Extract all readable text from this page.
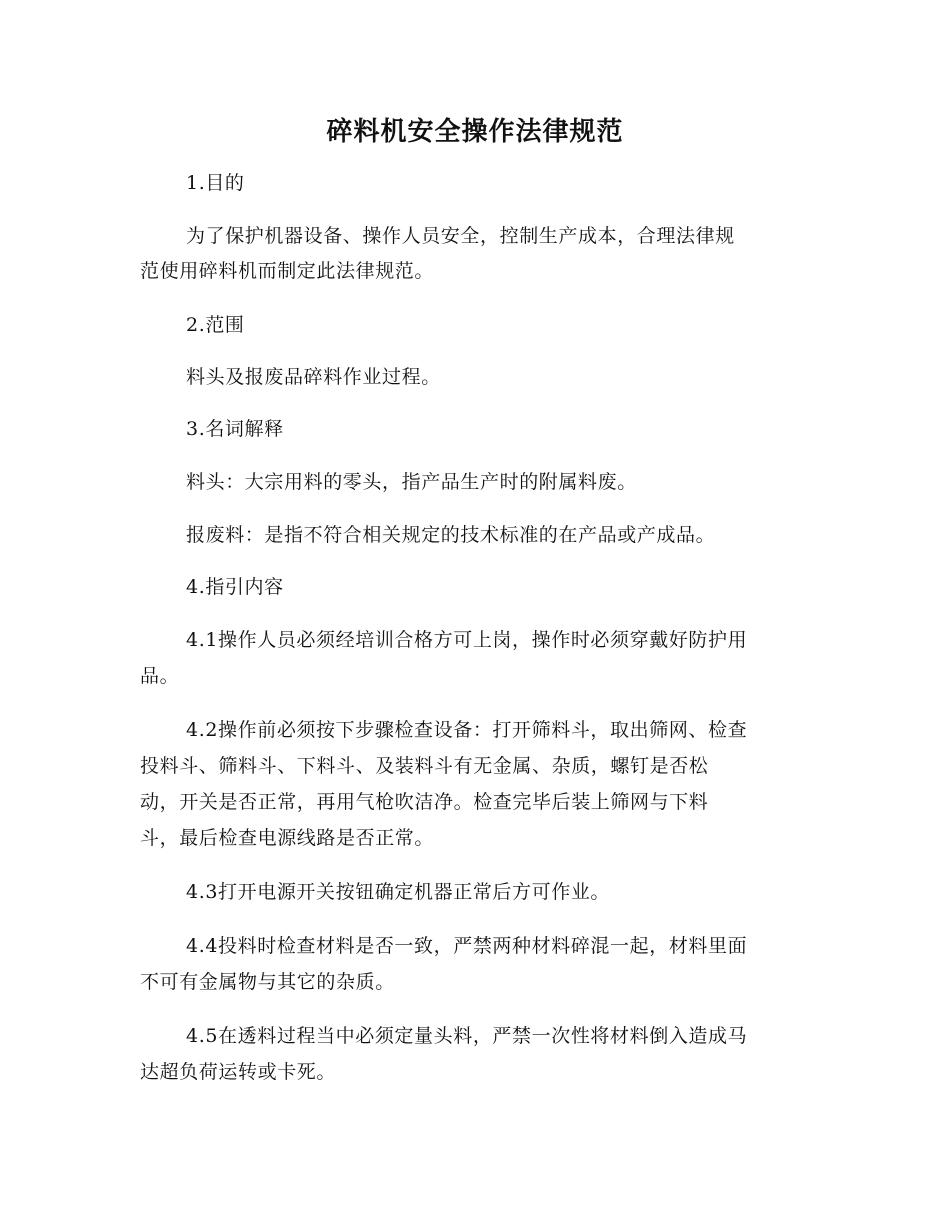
碎料机安全操作法律规范
1.目的
为了保护机器设备、操作人员安全，控制生产成本，合理法律规
范使用碎料机而制定此法律规范。
2.范围
料头及报废品碎料作业过程。
3.名词解释
料头：大宗用料的零头，指产品生产时的附属料废。
报废料：是指不符合相关规定的技术标准的在产品或产成品。
4.指引内容
4.1操作人员必须经培训合格方可上岗，操作时必须穿戴好防护用
品。
4.2操作前必须按下步骤检查设备：打开筛料斗，取出筛网、检查
投料斗、筛料斗、下料斗、及装料斗有无金属、杂质，螺钉是否松
动，开关是否正常，再用气枪吹洁净。检查完毕后装上筛网与下料
斗，最后检查电源线路是否正常。
4.3打开电源开关按钮确定机器正常后方可作业。
4.4投料时检查材料是否一致，严禁两种材料碎混一起，材料里面
不可有金属物与其它的杂质。
4.5在透料过程当中必须定量头料，严禁一次性将材料倒入造成马
达超负荷运转或卡死。
